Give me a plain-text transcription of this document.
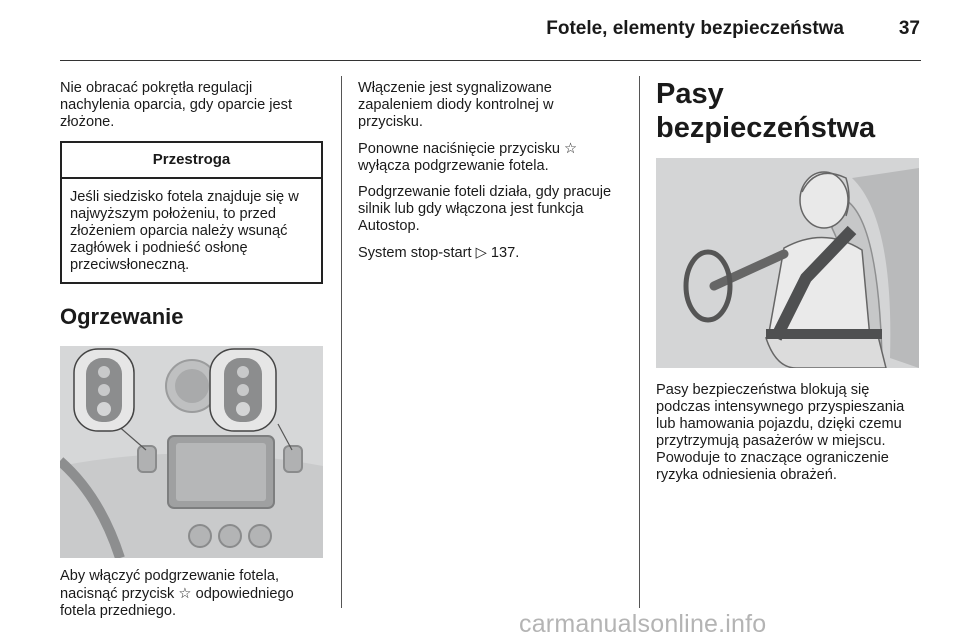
Fotele, elementy bezpieczeństwa	37

Nie obracać pokrętła regulacji nachylenia oparcia, gdy oparcie jest złożone.

Przestroga
Jeśli siedzisko fotela znajduje się w najwyższym położeniu, to przed złożeniem oparcia należy wsunąć zagłówek i podnieść osłonę przeciwsłoneczną.
Ogrzewanie

Aby włączyć podgrzewanie fotela, nacisnąć przycisk ☆ odpowiedniego fotela przedniego.

Włączenie jest sygnalizowane zapaleniem diody kontrolnej w przycisku.

Ponowne naciśnięcie przycisku ☆ wyłącza podgrzewanie fotela.

Podgrzewanie foteli działa, gdy pracuje silnik lub gdy włączona jest funkcja Autostop.

System stop-start ▷ 137.

Pasy bezpieczeństwa

Pasy bezpieczeństwa blokują się podczas intensywnego przyspieszania lub hamowania pojazdu, dzięki czemu przytrzymują pasażerów w miejscu. Powoduje to znaczące ograniczenie ryzyka odniesienia obrażeń.

carmanualsonline.info
